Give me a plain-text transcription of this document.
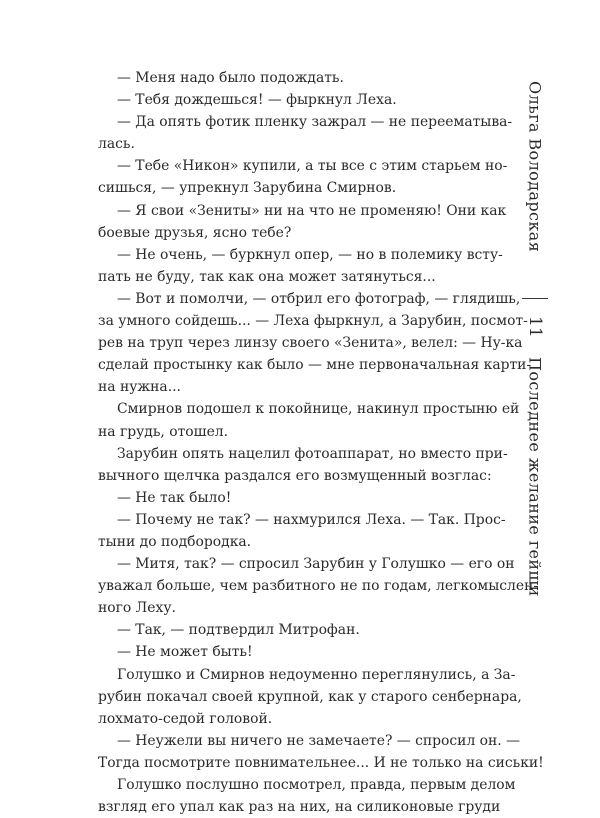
— Меня надо было подождать.
— Тебя дождешься! — фыркнул Леха.
— Да опять фотик пленку зажрал — не переематыва-
лась.
— Тебе «Никон» купили, а ты все с этим старьем но-
сишься, — упрекнул Зарубина Смирнов.
— Я свои «Зениты» ни на что не променяю! Они как
боевые друзья, ясно тебе?
— Не очень, — буркнул опер, — но в полемику всту-
пать не буду, так как она может затянуться...
— Вот и помолчи, — отбрил его фотограф, — глядишь,
за умного сойдешь... — Леха фыркнул, а Зарубин, посмот-
рев на труп через линзу своего «Зенита», велел: — Ну-ка
сделай простынку как было — мне первоначальная карти-
на нужна...
Смирнов подошел к покойнице, накинул простыню ей
на грудь, отошел.
Зарубин опять нацелил фотоаппарат, но вместо при-
вычного щелчка раздался его возмущенный возглас:
— Не так было!
— Почему не так? — нахмурился Леха. — Так. Прос-
тыни до подбородка.
— Митя, так? — спросил Зарубин у Голушко — его он
уважал больше, чем разбитного не по годам, легкомыслен-
ного Леху.
— Так, — подтвердил Митрофан.
— Не может быть!
Голушко и Смирнов недоуменно переглянулись, а За-
рубин покачал своей крупной, как у старого сенбернара,
лохмато-седой головой.
— Неужели вы ничего не замечаете? — спросил он. —
Тогда посмотрите повнимательнее... И не только на сиськи!
Голушко послушно посмотрел, правда, первым делом
взгляд его упал как раз на них, на силиконовые груди
Ольга Володарская
11
Последнее желание гейши
